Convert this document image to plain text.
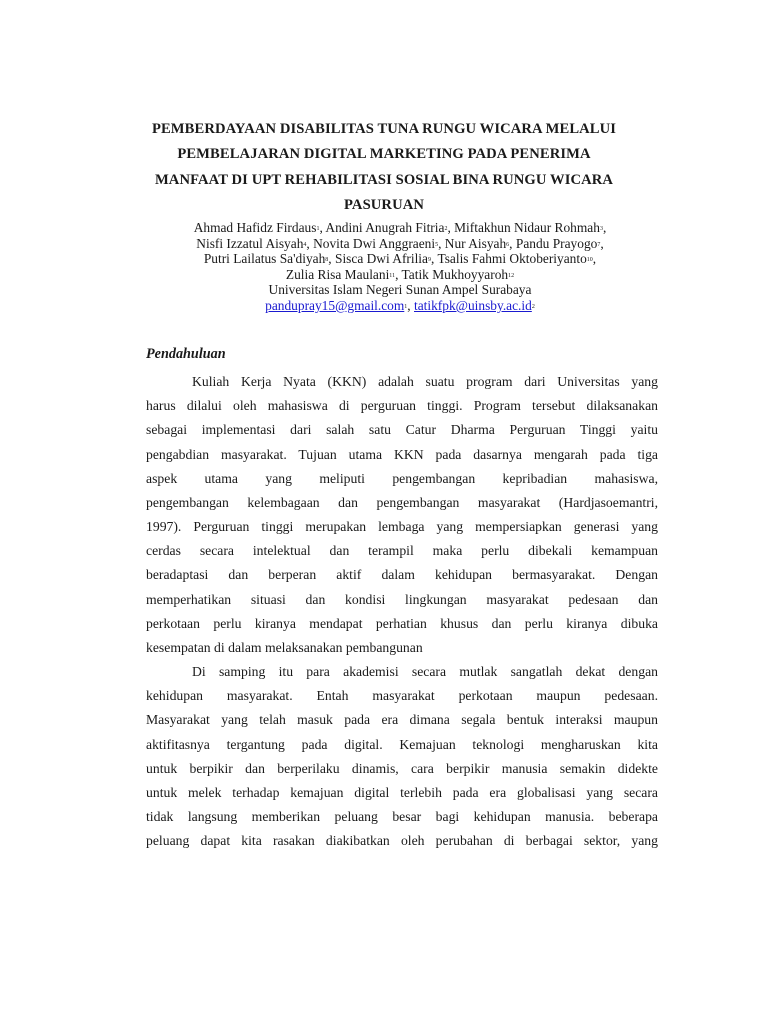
PEMBERDAYAAN DISABILITAS TUNA RUNGU WICARA MELALUI
PEMBELAJARAN DIGITAL MARKETING PADA PENERIMA
MANFAAT DI UPT REHABILITASI SOSIAL BINA RUNGU WICARA
PASURUAN
Ahmad Hafidz Firdaus$^1$, Andini Anugrah Fitria$^2$, Miftakhun Nidaur Rohmah$^3$,
Nisfi Izzatul Aisyah$^4$, Novita Dwi Anggraeni$^5$, Nur Aisyah$^6$, Pandu Prayogo$^7$,
Putri Lailatus Sa'diyah$^8$, Sisca Dwi Afrilia$^9$, Tsalis Fahmi Oktoberiyanto$^{10}$,
Zulia Risa Maulani$^{11}$, Tatik Mukhoyyaroh$^{12}$
Universitas Islam Negeri Sunan Ampel Surabaya
pandupray15@gmail.com$^1$, $tatikfpk@uinsby.ac.id^2$
Pendahuluan
Kuliah Kerja Nyata (KKN) adalah suatu program dari Universitas yang
harus dilalui oleh mahasiswa di perguruan tinggi. Program tersebut dilaksanakan
sebagai implementasi dari salah satu Catur Dharma Perguruan Tinggi yaitu
pengabdian masyarakat. Tujuan utama KKN pada dasarnya mengarah pada tiga
aspek utama yang meliputi pengembangan kepribadian mahasiswa,
pengembangan kelembagaan dan pengembangan masyarakat (Hardjasoemantri,
1997). Perguruan tinggi merupakan lembaga yang mempersiapkan generasi yang
cerdas secara intelektual dan terampil maka perlu dibekali kemampuan
beradaptasi dan berperan aktif dalam kehidupan bermasyarakat. Dengan
memperhatikan situasi dan kondisi lingkungan masyarakat pedesaan dan
perkotaan perlu kiranya mendapat perhatian khusus dan perlu kiranya dibuka
kesempatan di dalam melaksanakan pembangunan
Di samping itu para akademisi secara mutlak sangatlah dekat dengan
kehidupan masyarakat. Entah masyarakat perkotaan maupun pedesaan.
Masyarakat yang telah masuk pada era dimana segala bentuk interaksi maupun
aktifitasnya tergantung pada digital. Kemajuan teknologi mengharuskan kita
untuk berpikir dan berperilaku dinamis, cara berpikir manusia semakin didekte
untuk melek terhadap kemajuan digital terlebih pada era globalisasi yang secara
tidak langsung memberikan peluang besar bagi kehidupan manusia. beberapa
peluang dapat kita rasakan diakibatkan oleh perubahan di berbagai sektor, yang
